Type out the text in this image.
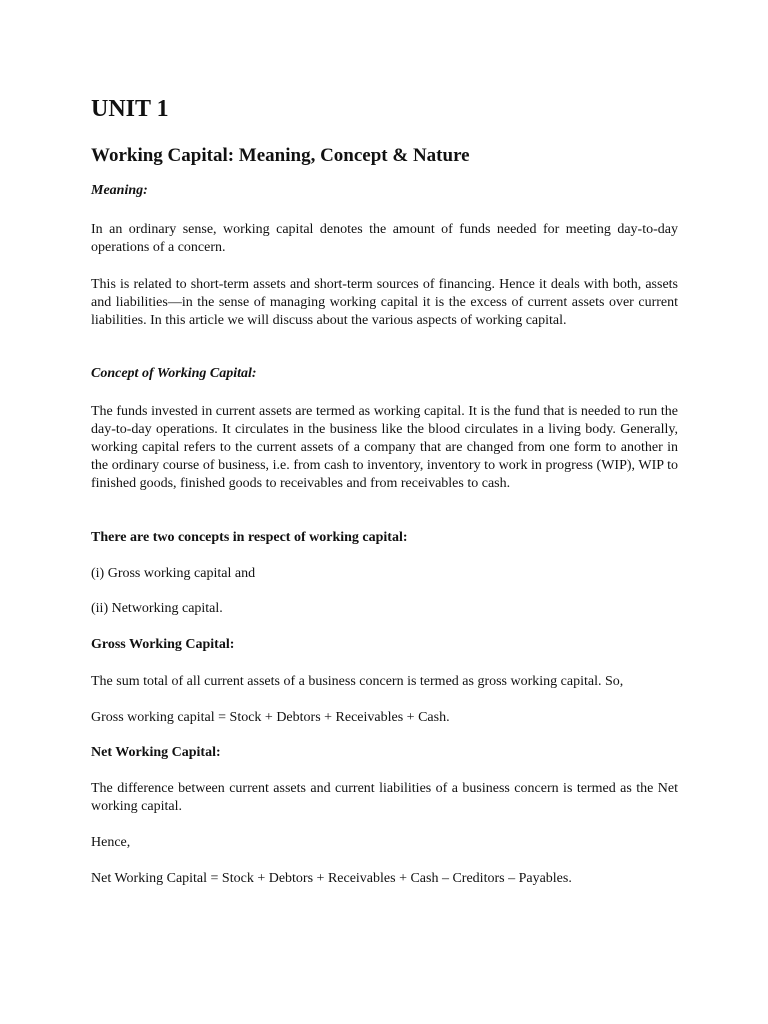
UNIT 1
Working Capital: Meaning, Concept & Nature

Meaning:

In an ordinary sense, working capital denotes the amount of funds needed for meeting day-to-day operations of a concern.

This is related to short-term assets and short-term sources of financing. Hence it deals with both, assets and liabilities—in the sense of managing working capital it is the excess of current assets over current liabilities. In this article we will discuss about the various aspects of working capital.

Concept of Working Capital:

The funds invested in current assets are termed as working capital. It is the fund that is needed to run the day-to-day operations. It circulates in the business like the blood circulates in a living body. Generally, working capital refers to the current assets of a company that are changed from one form to another in the ordinary course of business, i.e. from cash to inventory, inventory to work in progress (WIP), WIP to finished goods, finished goods to receivables and from receivables to cash.

There are two concepts in respect of working capital:

(i) Gross working capital and

(ii) Networking capital.

Gross Working Capital:

The sum total of all current assets of a business concern is termed as gross working capital. So,

Gross working capital = Stock + Debtors + Receivables + Cash.

Net Working Capital:

The difference between current assets and current liabilities of a business concern is termed as the Net working capital.

Hence,

Net Working Capital = Stock + Debtors + Receivables + Cash – Creditors – Payables.
